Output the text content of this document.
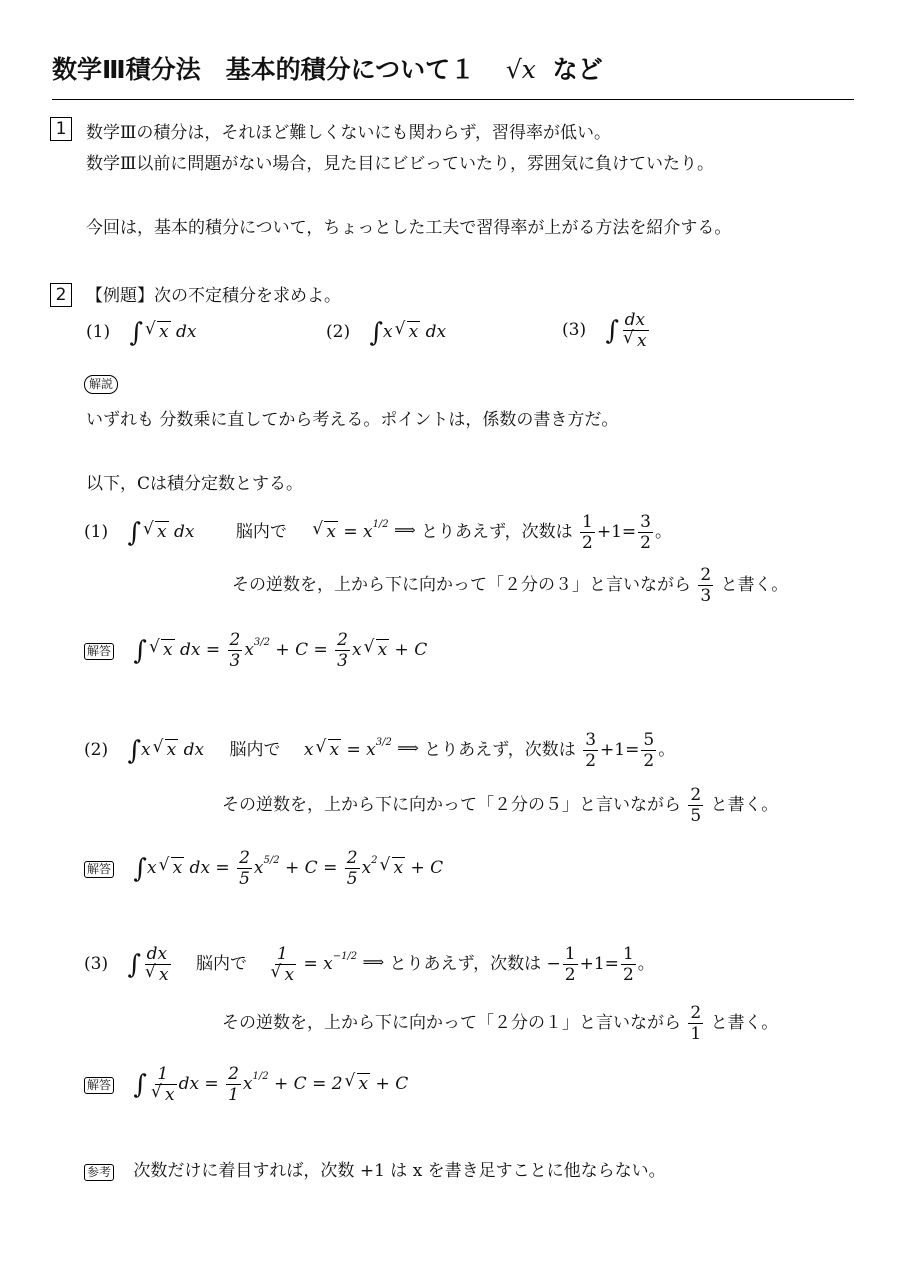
数学Ⅲ積分法　基本的積分について１ √x など
1	数学Ⅲの積分は，それほど難しくないにも関わらず，習得率が低い。
数学Ⅲ以前に問題がない場合，見た目にビビっていたり，雰囲気に負けていたり。
今回は，基本的積分について，ちょっとした工夫で習得率が上がる方法を紹介する。
2	【例題】次の不定積分を求めよ。
(1) ∫√ x dx	(2) ∫x√ x dx	(3) ∫ dx
√ x
解説
いずれも 分数乗に直してから考える。ポイントは，係数の書き方だ。
以下，Cは積分定数とする。
(1) ∫√ x dx 脳内で √ $x = x^{1/2}$ ⟹ とりあえず，次数は $\frac{1}{2} +1= \frac{3}{2}$ 。
その逆数を，上から下に向かって「２分の３」と言いながら $\frac{2}{3}$ と書く。
解答 ∫√ x dx = $\frac{2}{3} x^{3/2} + C = \frac{2}{3} x√$ x + C
(2) ∫x√ x dx 脳内で x√ $x = x^{3/2}$ ⟹ とりあえず，次数は $\frac{3}{2} +1= \frac{5}{2}$ 。
その逆数を，上から下に向かって「２分の５」と言いながら $\frac{2}{5}$ と書く。
解答 ∫x√ x dx = $\frac{2}{5} x^{5/2} + C = \frac{2}{5} x^2√$ x + C
(3) ∫ dx
√ x 脳内で 1
√ $x = x^{-1/2}$ ⟹ とりあえず，次数は − $\frac{1}{2} +1= \frac{1}{2}$ 。
その逆数を，上から下に向かって「２分の１」と言いながら $\frac{2}{1}$ と書く。
解答 ∫ 1
√ x dx = $\frac{2}{1} x^{1/2} + C = 2√$ x + C
参考 次数だけに着目すれば，次数 +1 は x を書き足すことに他ならない。
